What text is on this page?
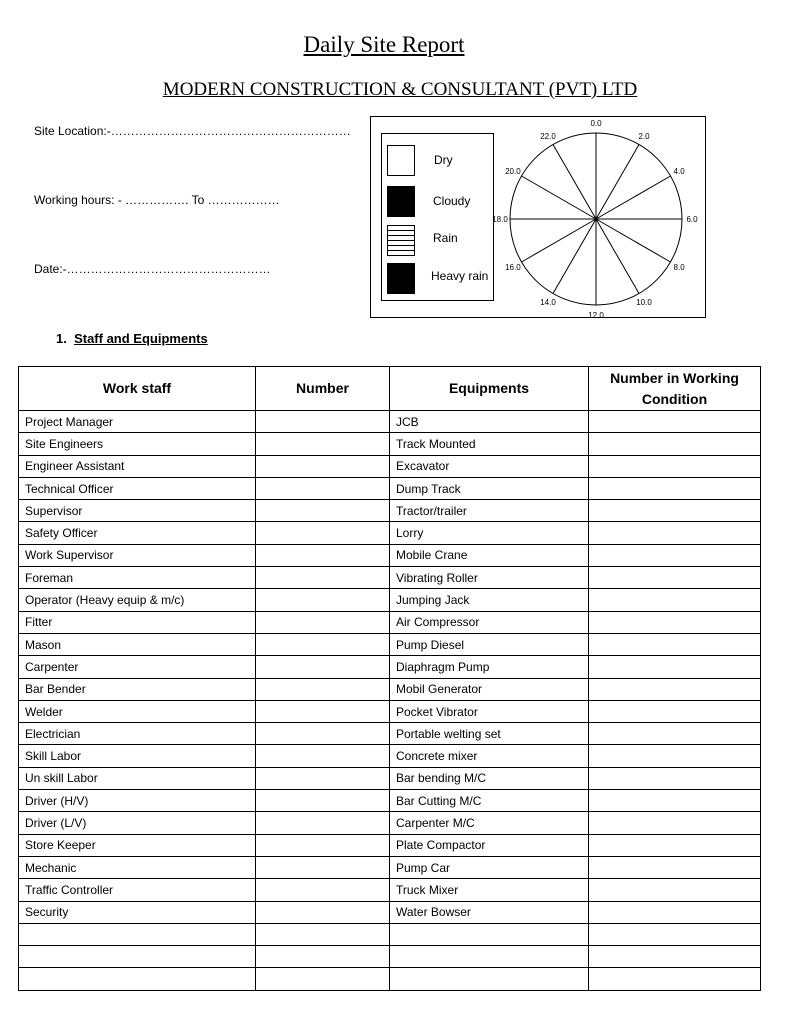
Daily Site Report
MODERN CONSTRUCTION & CONSULTANT (PVT) LTD
Site Location:-……………………………………………………
Working hours: - ……………. To ………………
Date:-……………………………………………
Dry
Cloudy
Rain
Heavy rain
0.0
2.0
4.0
6.0
8.0
10.0
12.0
14.0
16.0
18.0
20.0
22.0
1. Staff and Equipments
Work staff	Number	Equipments	Number in Working Condition
Project Manager		JCB	
Site Engineers		Track Mounted	
Engineer Assistant		Excavator	
Technical Officer		Dump Track	
Supervisor		Tractor/trailer	
Safety Officer		Lorry	
Work Supervisor		Mobile Crane	
Foreman		Vibrating Roller	
Operator (Heavy equip & m/c)		Jumping Jack	
Fitter		Air Compressor	
Mason		Pump Diesel	
Carpenter		Diaphragm Pump	
Bar Bender		Mobil Generator	
Welder		Pocket Vibrator	
Electrician		Portable welting set	
Skill Labor		Concrete mixer	
Un skill Labor		Bar bending M/C	
Driver (H/V)		Bar Cutting M/C	
Driver (L/V)		Carpenter M/C	
Store Keeper		Plate Compactor	
Mechanic		Pump Car	
Traffic Controller		Truck Mixer	
Security		Water Bowser	
